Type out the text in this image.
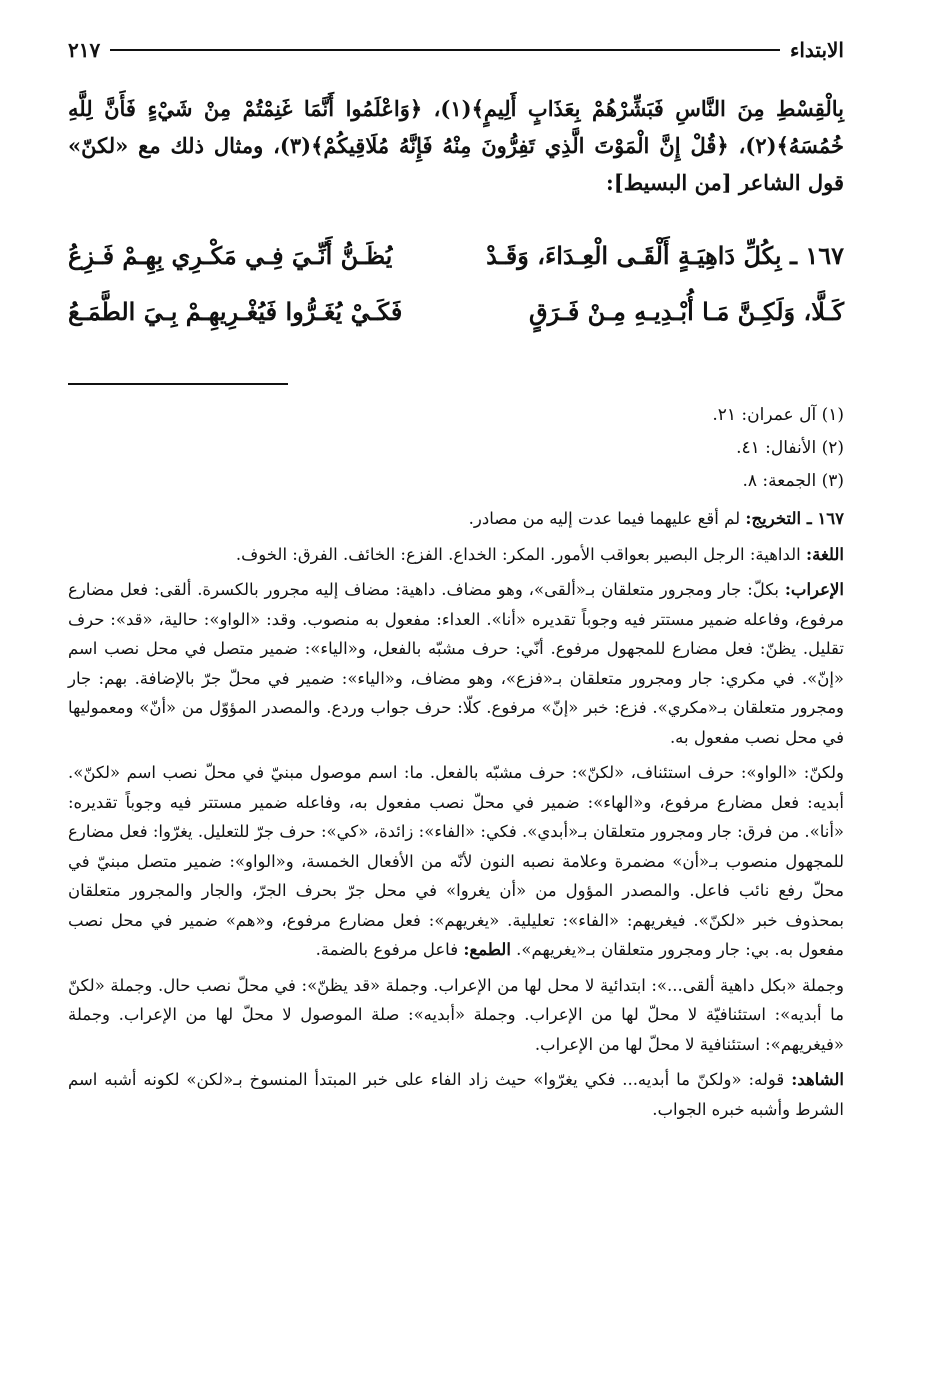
الابتداء
٢١٧

بِالْقِسْطِ مِنَ النَّاسِ فَبَشِّرْهُمْ بِعَذَابٍ أَلِيمٍ﴾(١)، ﴿وَاعْلَمُوا أَنَّمَا غَنِمْتُمْ مِنْ شَيْءٍ فَأَنَّ لِلَّهِ خُمُسَهُ﴾(٢)، ﴿قُلْ إِنَّ الْمَوْتَ الَّذِي تَفِرُّونَ مِنْهُ فَإِنَّهُ مُلَاقِيكُمْ﴾(٣)، ومثال ذلك مع «لكنّ» قول الشاعر [من البسيط]:

١٦٧ ـ بِكُلِّ دَاهِيَـةٍ أَلْقَـى الْعِـدَاءَ، وَقَـدْ
يُظَـنُّ أَنِّـيَ فِـي مَكْـرِي بِهِـمْ فَـزِعُ
كَـلَّا، وَلَكِـنَّ مَـا أُبْـدِيـهِ مِـنْ فَـرَقٍ
فَكَـيْ يُغَـرُّوا فَيُغْـرِيهِـمْ بِـيَ الطَّمَـعُ
(١) آل عمران: ٢١.
(٢) الأنفال: ٤١.
(٣) الجمعة: ٨.

١٦٧ ـ التخريج: لم أقع عليهما فيما عدت إليه من مصادر.

اللغة: الداهية: الرجل البصير بعواقب الأمور. المكر: الخداع. الفزع: الخائف. الفرق: الخوف.

الإعراب: بكلّ: جار ومجرور متعلقان بـ«ألقى»، وهو مضاف. داهية: مضاف إليه مجرور بالكسرة. ألقى: فعل مضارع مرفوع، وفاعله ضمير مستتر فيه وجوباً تقديره «أنا». العداء: مفعول به منصوب. وقد: «الواو»: حالية، «قد»: حرف تقليل. يظنّ: فعل مضارع للمجهول مرفوع. أنّي: حرف مشبّه بالفعل، و«الياء»: ضمير متصل في محل نصب اسم «إنّ». في مكري: جار ومجرور متعلقان بـ«فزع»، وهو مضاف، و«الياء»: ضمير في محلّ جرّ بالإضافة. بهم: جار ومجرور متعلقان بـ«مكري». فزع: خبر «إنّ» مرفوع. كلّا: حرف جواب وردع. والمصدر المؤوّل من «أنّ» ومعموليها في محل نصب مفعول به.

ولكنّ: «الواو»: حرف استئناف، «لكنّ»: حرف مشبّه بالفعل. ما: اسم موصول مبنيّ في محلّ نصب اسم «لكنّ». أبديه: فعل مضارع مرفوع، و«الهاء»: ضمير في محلّ نصب مفعول به، وفاعله ضمير مستتر فيه وجوباً تقديره: «أنا». من فرق: جار ومجرور متعلقان بـ«أبدي». فكي: «الفاء»: زائدة، «كي»: حرف جرّ للتعليل. يغرّوا: فعل مضارع للمجهول منصوب بـ«أن» مضمرة وعلامة نصبه النون لأنّه من الأفعال الخمسة، و«الواو»: ضمير متصل مبنيّ في محلّ رفع نائب فاعل. والمصدر المؤول من «أن يغروا» في محل جرّ بحرف الجرّ، والجار والمجرور متعلقان بمحذوف خبر «لكنّ». فيغريهم: «الفاء»: تعليلية. «يغريهم»: فعل مضارع مرفوع، و«هم» ضمير في محل نصب مفعول به. بي: جار ومجرور متعلقان بـ«يغريهم». الطمع: فاعل مرفوع بالضمة.

وجملة «بكل داهية ألقى...»: ابتدائية لا محل لها من الإعراب. وجملة «قد يظنّ»: في محلّ نصب حال. وجملة «لكنّ ما أبديه»: استئنافيّة لا محلّ لها من الإعراب. وجملة «أبديه»: صلة الموصول لا محلّ لها من الإعراب. وجملة «فيغريهم»: استئنافية لا محلّ لها من الإعراب.

الشاهد: قوله: «ولكنّ ما أبديه... فكي يغرّوا» حيث زاد الفاء على خبر المبتدأ المنسوخ بـ«لكن» لكونه أشبه اسم الشرط وأشبه خبره الجواب.
